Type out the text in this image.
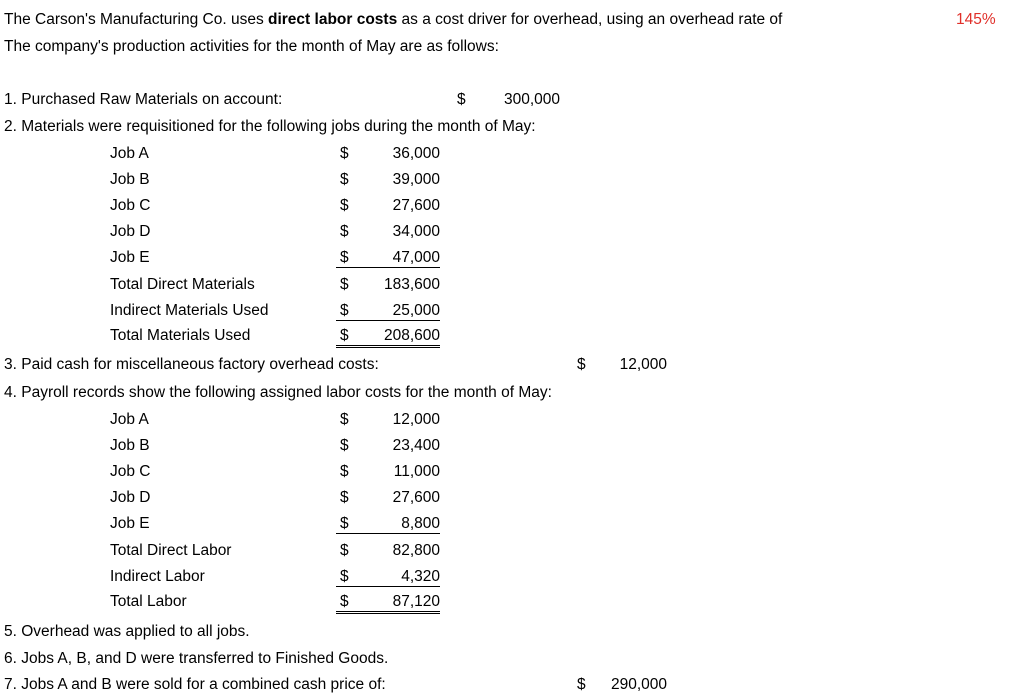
The Carson's Manufacturing Co. uses direct labor costs as a cost driver for overhead, using an overhead rate of	145%
The company's production activities for the month of May are as follows:
1. Purchased Raw Materials on account:	$	300,000
2. Materials were requisitioned for the following jobs during the month of May:
Job A	$	36,000
Job B	$	39,000
Job C	$	27,600
Job D	$	34,000
Job E	$	47,000
Total Direct Materials	$	183,600
Indirect Materials Used	$	25,000
Total Materials Used	$	208,600
3. Paid cash for miscellaneous factory overhead costs:	$	12,000
4. Payroll records show the following assigned labor costs for the month of May:
Job A	$	12,000
Job B	$	23,400
Job C	$	11,000
Job D	$	27,600
Job E	$	8,800
Total Direct Labor	$	82,800
Indirect Labor	$	4,320
Total Labor	$	87,120
5. Overhead was applied to all jobs.
6. Jobs A, B, and D were transferred to Finished Goods.
7. Jobs A and B were sold for a combined cash price of:	$	290,000
